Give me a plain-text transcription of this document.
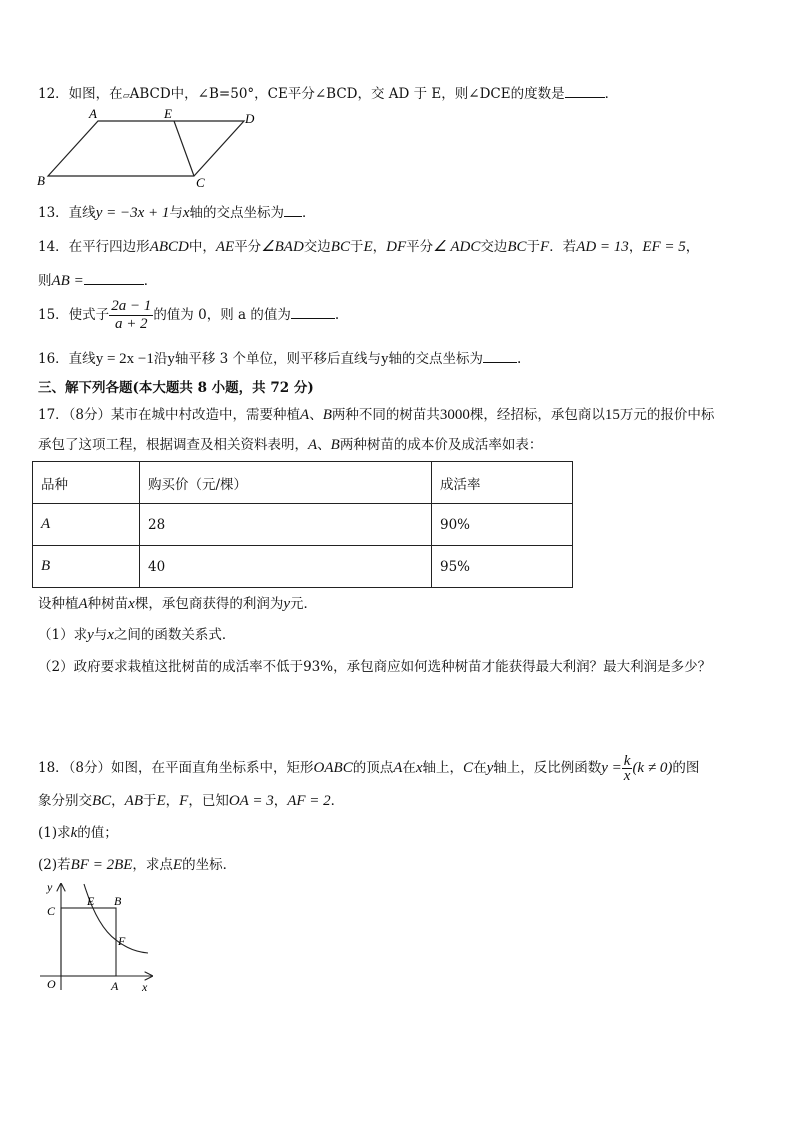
12．如图，在▱ABCD中，∠B=50°，CE平分∠BCD，交 AD 于 E，则∠DCE的度数是	．
A	E	D
B	C
13．直线y = −3x + 1与x轴的交点坐标为 ．
14．在平行四边形ABCD中，AE平分∠BAD交边BC于E，DF平分∠ ADC交边BC于F．若AD = 13，EF = 5，
则AB =	．
15．使式子 $\frac{2a - 1}{a + 2}$ 的值为 0，则 a 的值为	.
16．直线y = 2x −1沿y轴平移 3 个单位，则平移后直线与y轴的交点坐标为	.
三、解下列各题(本大题共 8 小题，共 72 分)
17．（8分）某市在城中村改造中，需要种植A、B两种不同的树苗共3000棵，经招标，承包商以15万元的报价中标
承包了这项工程，根据调查及相关资料表明，A、B两种树苗的成本价及成活率如表：
品种	购买价（元/棵）	成活率
A	28	90%
B	40	95%
设种植A种树苗x棵，承包商获得的利润为y元．
（1）求y与x之间的函数关系式．
（2）政府要求栽植这批树苗的成活率不低于93%，承包商应如何选种树苗才能获得最大利润？最大利润是多少？
18．（8分）如图，在平面直角坐标系中，矩形OABC的顶点A在x轴上，C在y轴上，反比例函数$y = \frac{k}{x} (k \ne 0)$的图
象分别交BC，AB于E，F，已知OA = 3，AF = 2．
(1)求k的值；
(2)若BF = 2BE，求点E的坐标．
y
C
E B
F
O	A x
